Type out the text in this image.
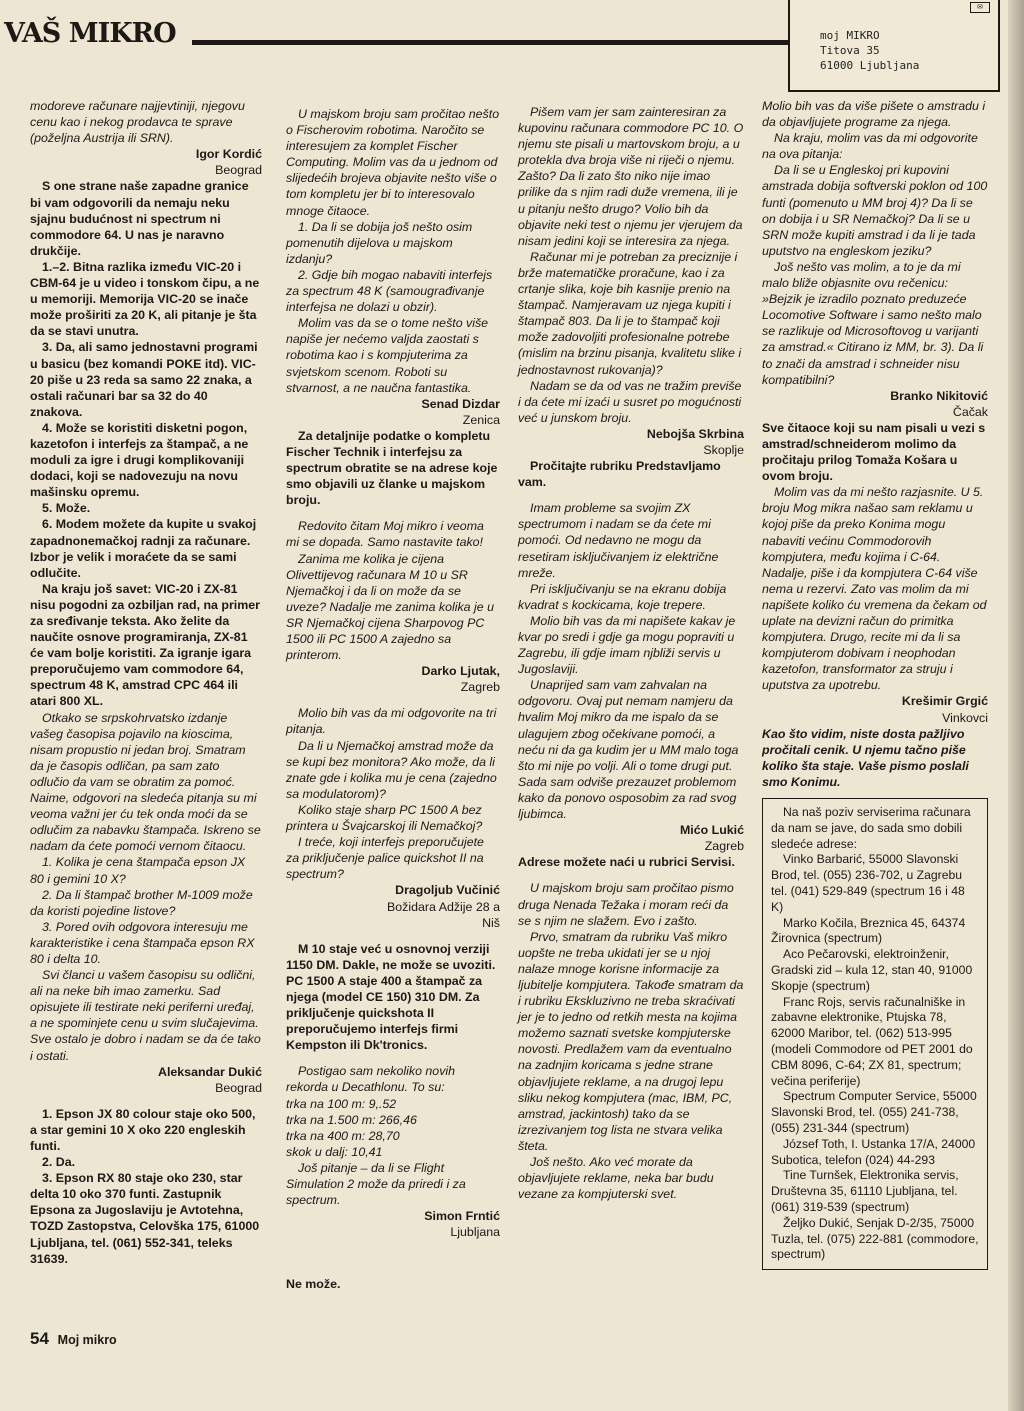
VAŠ MIKRO
✉
moj MIKRO
Titova 35
61000 Ljubljana

modoreve računare najjevtiniji, njegovu cenu kao i nekog prodavca te sprave (poželjna Austrija ili SRN).

Igor Kordić

Beograd

S one strane naše zapadne granice bi vam odgovorili da nemaju neku sjajnu budućnost ni spectrum ni commodore 64. U nas je naravno drukčije.

1.–2. Bitna razlika između VIC-20 i CBM-64 je u video i tonskom čipu, a ne u memoriji. Memorija VIC-20 se inače može proširiti za 20 K, ali pitanje je šta da se stavi unutra.

3. Da, ali samo jednostavni programi u basicu (bez komandi POKE itd). VIC-20 piše u 23 reda sa samo 22 znaka, a ostali računari bar sa 32 do 40 znakova.

4. Može se koristiti disketni pogon, kazetofon i interfejs za štampač, a ne moduli za igre i drugi komplikovaniji dodaci, koji se nadovezuju na novu mašinsku opremu.

5. Može.

6. Modem možete da kupite u svakoj zapadnonemačkoj radnji za računare. Izbor je velik i moraćete da se sami odlučite.

Na kraju još savet: VIC-20 i ZX-81 nisu pogodni za ozbiljan rad, na primer za sređivanje teksta. Ako želite da naučite osnove programiranja, ZX-81 će vam bolje koristiti. Za igranje igara preporučujemo vam commodore 64, spectrum 48 K, amstrad CPC 464 ili atari 800 XL.

Otkako se srpskohrvatsko izdanje vašeg časopisa pojavilo na kioscima, nisam propustio ni jedan broj. Smatram da je časopis odličan, pa sam zato odlučio da vam se obratim za pomoć. Naime, odgovori na sledeća pitanja su mi veoma važni jer ću tek onda moći da se odlučim za nabavku štampača. Iskreno se nadam da ćete pomoći vernom čitaocu.

1. Kolika je cena štampača epson JX 80 i gemini 10 X?

2. Da li štampač brother M-1009 može da koristi pojedine listove?

3. Pored ovih odgovora interesuju me karakteristike i cena štampača epson RX 80 i delta 10.

Svi članci u vašem časopisu su odlični, ali na neke bih imao zamerku. Sad opisujete ili testirate neki periferni uređaj, a ne spominjete cenu u svim slučajevima. Sve ostalo je dobro i nadam se da će tako i ostati.

Aleksandar Dukić

Beograd

1. Epson JX 80 colour staje oko 500, a star gemini 10 X oko 220 engleskih funti.

2. Da.

3. Epson RX 80 staje oko 230, star delta 10 oko 370 funti. Zastupnik Epsona za Jugoslaviju je Avtotehna, TOZD Zastopstva, Celovška 175, 61000 Ljubljana, tel. (061) 552-341, teleks 31639.

U majskom broju sam pročitao nešto o Fischerovim robotima. Naročito se interesujem za komplet Fischer Computing. Molim vas da u jednom od slijedećih brojeva objavite nešto više o tom kompletu jer bi to interesovalo mnoge čitaoce.

1. Da li se dobija još nešto osim pomenutih dijelova u majskom izdanju?

2. Gdje bih mogao nabaviti interfejs za spectrum 48 K (samougrađivanje interfejsa ne dolazi u obzir).

Molim vas da se o tome nešto više napiše jer nećemo valjda zaostati s robotima kao i s kompjuterima za svjetskom scenom. Roboti su stvarnost, a ne naučna fantastika.

Senad Dizdar

Zenica

Za detaljnije podatke o kompletu Fischer Technik i interfejsu za spectrum obratite se na adrese koje smo objavili uz članke u majskom broju.

Redovito čitam Moj mikro i veoma mi se dopada. Samo nastavite tako!

Zanima me kolika je cijena Olivettijevog računara M 10 u SR Njemačkoj i da li on može da se uveze? Nadalje me zanima kolika je u SR Njemačkoj cijena Sharpovog PC 1500 ili PC 1500 A zajedno sa printerom.

Darko Ljutak,

Zagreb

Molio bih vas da mi odgovorite na tri pitanja.

Da li u Njemačkoj amstrad može da se kupi bez monitora? Ako može, da li znate gde i kolika mu je cena (zajedno sa modulatorom)?

Koliko staje sharp PC 1500 A bez printera u Švajcarskoj ili Nemačkoj?

I treće, koji interfejs preporučujete za priključenje palice quickshot II na spectrum?

Dragoljub Vučinić

Božidara Adžije 28 a

Niš

M 10 staje već u osnovnoj verziji 1150 DM. Dakle, ne može se uvoziti. PC 1500 A staje 400 a štampač za njega (model CE 150) 310 DM. Za priključenje quickshota II preporučujemo interfejs firmi Kempston ili Dk'tronics.

Postigao sam nekoliko novih rekorda u Decathlonu. To su:

trka na 100 m: 9,.52

trka na 1.500 m: 266,46

trka na 400 m: 28,70

skok u dalj: 10,41

Još pitanje – da li se Flight Simulation 2 može da priredi i za spectrum.

Simon Frntić

Ljubljana

Ne može.

Pišem vam jer sam zainteresiran za kupovinu računara commodore PC 10. O njemu ste pisali u martovskom broju, a u protekla dva broja više ni riječi o njemu. Zašto? Da li zato što niko nije imao prilike da s njim radi duže vremena, ili je u pitanju nešto drugo? Volio bih da objavite neki test o njemu jer vjerujem da nisam jedini koji se interesira za njega.

Računar mi je potreban za preciznije i brže matematičke proračune, kao i za crtanje slika, koje bih kasnije prenio na štampač. Namjeravam uz njega kupiti i štampač 803. Da li je to štampač koji može zadovoljiti profesionalne potrebe (mislim na brzinu pisanja, kvalitetu slike i jednostavnost rukovanja)?

Nadam se da od vas ne tražim previše i da ćete mi izaći u susret po mogućnosti već u junskom broju.

Nebojša Skrbina

Skoplje

Pročitajte rubriku Predstavljamo vam.

Imam probleme sa svojim ZX spectrumom i nadam se da ćete mi pomoći. Od nedavno ne mogu da resetiram isključivanjem iz električne mreže.

Pri isključivanju se na ekranu dobija kvadrat s kockicama, koje trepere.

Molio bih vas da mi napišete kakav je kvar po sredi i gdje ga mogu popraviti u Zagrebu, ili gdje imam njbliži servis u Jugoslaviji.

Unaprijed sam vam zahvalan na odgovoru. Ovaj put nemam namjeru da hvalim Moj mikro da me ispalo da se ulagujem zbog očekivane pomoći, a neću ni da ga kudim jer u MM malo toga što mi nije po volji. Ali o tome drugi put. Sada sam odviše prezauzet problemom kako da ponovo osposobim za rad svog ljubimca.

Mićo Lukić

Zagreb

Adrese možete naći u rubrici Servisi.

U majskom broju sam pročitao pismo druga Nenada Težaka i moram reći da se s njim ne slažem. Evo i zašto.

Prvo, smatram da rubriku Vaš mikro uopšte ne treba ukidati jer se u njoj nalaze mnoge korisne informacije za ljubitelje kompjutera. Takođe smatram da i rubriku Ekskluzivno ne treba skraćivati jer je to jedno od retkih mesta na kojima možemo saznati svetske kompjuterske novosti. Predlažem vam da eventualno na zadnjim koricama s jedne strane objavljujete reklame, a na drugoj lepu sliku nekog kompjutera (mac, IBM, PC, amstrad, jackintosh) tako da se izrezivanjem tog lista ne stvara velika šteta.

Još nešto. Ako već morate da objavljujete reklame, neka bar budu vezane za kompjuterski svet.

Molio bih vas da više pišete o amstradu i da objavljujete programe za njega.

Na kraju, molim vas da mi odgovorite na ova pitanja:

Da li se u Engleskoj pri kupovini amstrada dobija softverski poklon od 100 funti (pomenuto u MM broj 4)? Da li se on dobija i u SR Nemačkoj? Da li se u SRN može kupiti amstrad i da li je tada uputstvo na engleskom jeziku?

Još nešto vas molim, a to je da mi malo bliže objasnite ovu rečenicu: »Bejzik je izradilo poznato preduzeće Locomotive Software i samo nešto malo se razlikuje od Microsoftovog u varijanti za amstrad.« Citirano iz MM, br. 3). Da li to znači da amstrad i schneider nisu kompatibilni?

Branko Nikitović

Čačak

Sve čitaoce koji su nam pisali u vezi s amstrad/schneiderom molimo da pročitaju prilog Tomaža Košara u ovom broju.

Molim vas da mi nešto razjasnite. U 5. broju Mog mikra našao sam reklamu u kojoj piše da preko Konima mogu nabaviti većinu Commodorovih kompjutera, među kojima i C-64. Nadalje, piše i da kompjutera C-64 više nema u rezervi. Zato vas molim da mi napišete koliko ću vremena da čekam od uplate na devizni račun do primitka kompjutera. Drugo, recite mi da li sa kompjuterom dobivam i neophodan kazetofon, transformator za struju i uputstva za upotrebu.

Krešimir Grgić

Vinkovci

Kao što vidim, niste dosta pažljivo pročitali cenik. U njemu tačno piše koliko šta staje. Vaše pismo poslali smo Konimu.

Na naš poziv serviserima računara da nam se jave, do sada smo dobili sledeće adrese:

Vinko Barbarić, 55000 Slavonski Brod, tel. (055) 236-702, u Zagrebu tel. (041) 529-849 (spectrum 16 i 48 K)

Marko Kočila, Breznica 45, 64374 Žirovnica (spectrum)

Aco Pečarovski, elektroinženir, Gradski zid – kula 12, stan 40, 91000 Skopje (spectrum)

Franc Rojs, servis računalniške in zabavne elektronike, Ptujska 78, 62000 Maribor, tel. (062) 513-995 (modeli Commodore od PET 2001 do CBM 8096, C-64; ZX 81, spectrum; večina periferije)

Spectrum Computer Service, 55000 Slavonski Brod, tel. (055) 241-738, (055) 231-344 (spectrum)

József Toth, I. Ustanka 17/A, 24000 Subotica, telefon (024) 44-293

Tine Turnšek, Elektronika servis, Društevna 35, 61110 Ljubljana, tel. (061) 319-539 (spectrum)

Željko Dukić, Senjak D-2/35, 75000 Tuzla, tel. (075) 222-881 (commodore, spectrum)

54 Moj mikro
